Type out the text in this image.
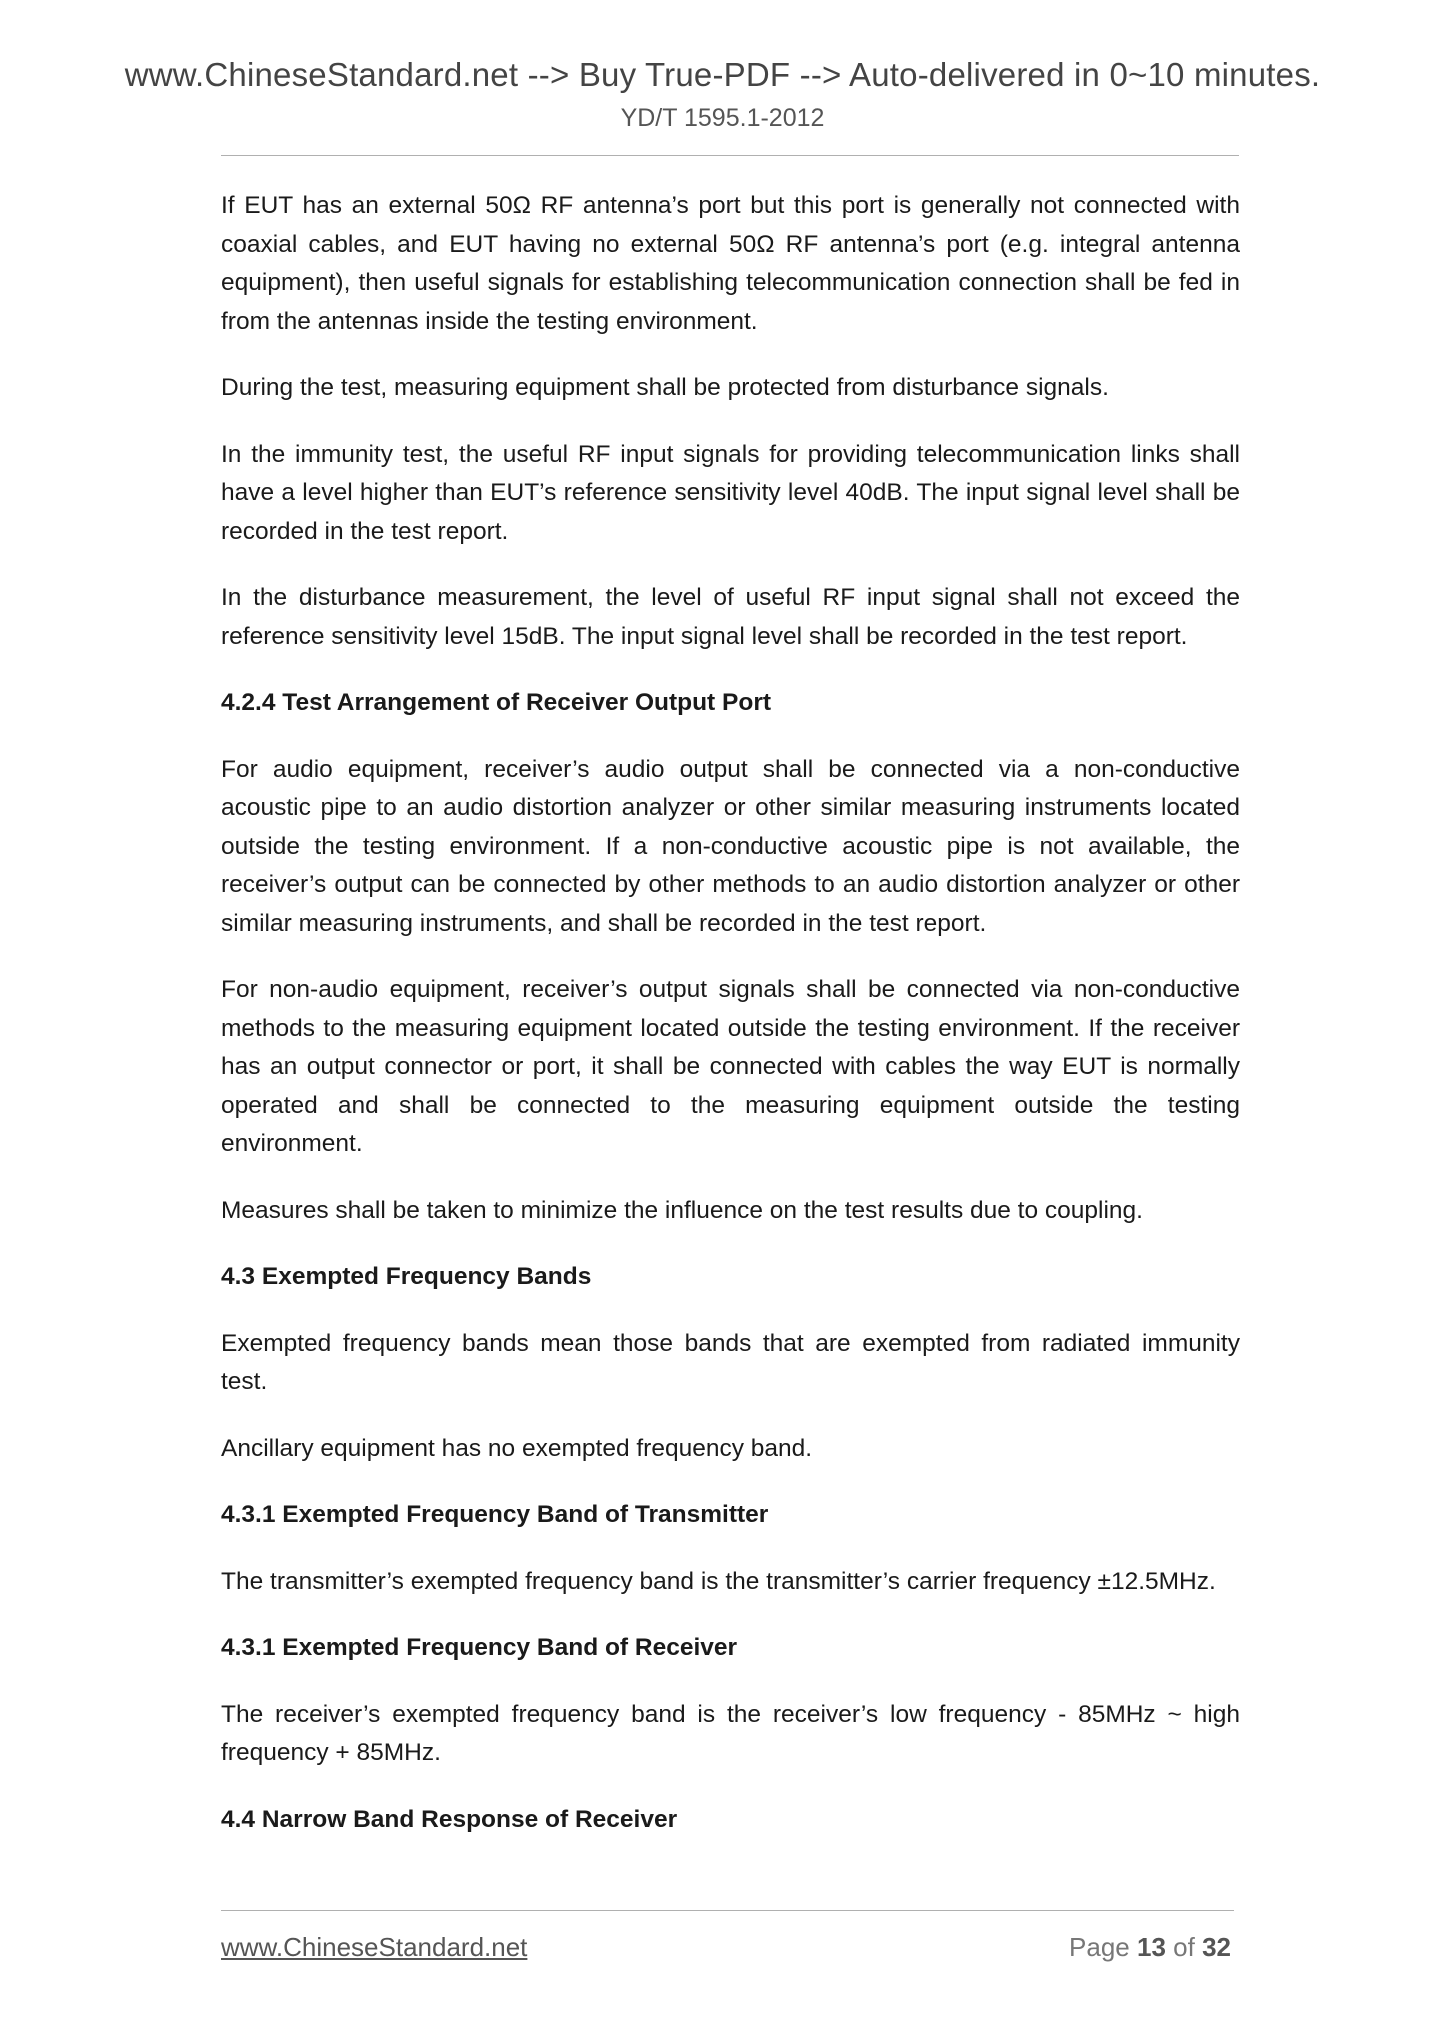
www.ChineseStandard.net --> Buy True-PDF --> Auto-delivered in 0~10 minutes.
YD/T 1595.1-2012

If EUT has an external 50Ω RF antenna’s port but this port is generally not connected with coaxial cables, and EUT having no external 50Ω RF antenna’s port (e.g. integral antenna equipment), then useful signals for establishing telecommunication connection shall be fed in from the antennas inside the testing environment.

During the test, measuring equipment shall be protected from disturbance signals.

In the immunity test, the useful RF input signals for providing telecommunication links shall have a level higher than EUT’s reference sensitivity level 40dB. The input signal level shall be recorded in the test report.

In the disturbance measurement, the level of useful RF input signal shall not exceed the reference sensitivity level 15dB. The input signal level shall be recorded in the test report.

4.2.4 Test Arrangement of Receiver Output Port

For audio equipment, receiver’s audio output shall be connected via a non-conductive acoustic pipe to an audio distortion analyzer or other similar measuring instruments located outside the testing environment. If a non-conductive acoustic pipe is not available, the receiver’s output can be connected by other methods to an audio distortion analyzer or other similar measuring instruments, and shall be recorded in the test report.

For non-audio equipment, receiver’s output signals shall be connected via non-conductive methods to the measuring equipment located outside the testing environment. If the receiver has an output connector or port, it shall be connected with cables the way EUT is normally operated and shall be connected to the measuring equipment outside the testing environment.

Measures shall be taken to minimize the influence on the test results due to coupling.

4.3 Exempted Frequency Bands

Exempted frequency bands mean those bands that are exempted from radiated immunity test.

Ancillary equipment has no exempted frequency band.

4.3.1 Exempted Frequency Band of Transmitter

The transmitter’s exempted frequency band is the transmitter’s carrier frequency ±12.5MHz.

4.3.1 Exempted Frequency Band of Receiver

The receiver’s exempted frequency band is the receiver’s low frequency - 85MHz ~ high frequency + 85MHz.

4.4 Narrow Band Response of Receiver
www.ChineseStandard.net	Page 13 of 32
